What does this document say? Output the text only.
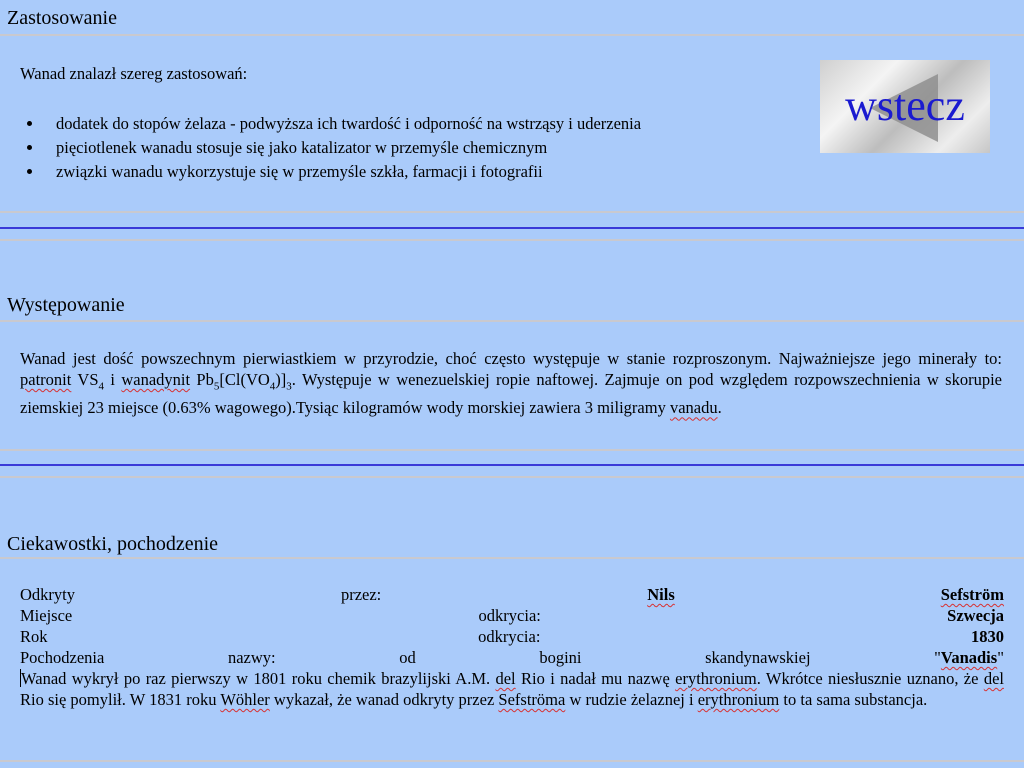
Zastosowanie
Wanad znalazł szereg zastosowań:
dodatek do stopów żelaza - podwyższa ich twardość i odporność na wstrząsy i uderzenia
pięciotlenek wanadu stosuje się jako katalizator w przemyśle chemicznym
związki wanadu wykorzystuje się w przemyśle szkła, farmacji i fotografii
wstecz
Występowanie
Wanad jest dość powszechnym pierwiastkiem w przyrodzie, choć często występuje w stanie rozproszonym. Najważniejsze jego minerały to: patronit $VS_4$ i wanadynit $Pb_5[Cl(VO_4)]_3$. Występuje w wenezuelskiej ropie naftowej. Zajmuje on pod względem rozpowszechnienia w skorupie ziemskiej 23 miejsce (0.63% wagowego).Tysiąc kilogramów wody morskiej zawiera 3 miligramy vanadu.
Ciekawostki, pochodzenie
Odkryty	przez:	Nils	Sefström
Miejsce	odkrycia:	Szwecja
Rok	odkrycia:	1830
Pochodzenia	nazwy:	od	bogini	skandynawskiej	"Vanadis"
Wanad wykrył po raz pierwszy w 1801 roku chemik brazylijski A.M. del Rio i nadał mu nazwę erythronium. Wkrótce niesłusznie uznano, że del Rio się pomylił. W 1831 roku Wöhler wykazał, że wanad odkryty przez Sefströma w rudzie żelaznej i erythronium to ta sama substancja.
